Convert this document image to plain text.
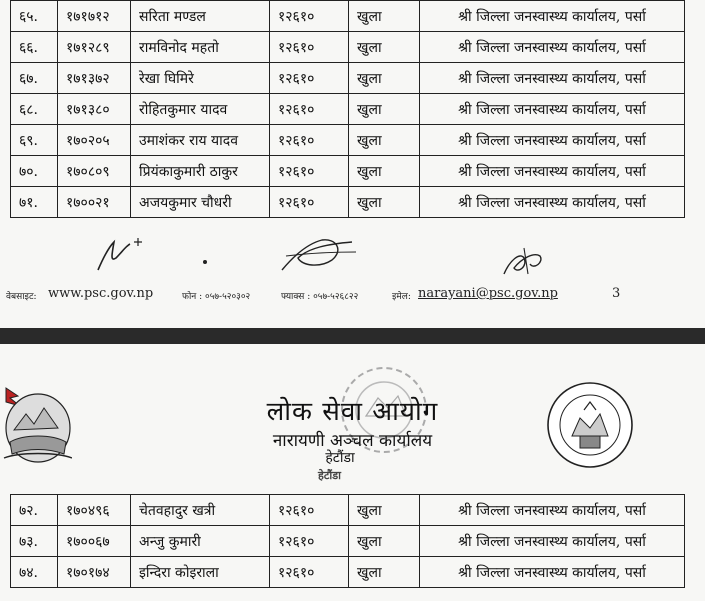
६५.	१७१७१२	सरिता मण्डल	१२६१०	खुला	श्री जिल्ला जनस्वास्थ्य कार्यालय, पर्सा
६६.	१७१२८९	रामविनोद महतो	१२६१०	खुला	श्री जिल्ला जनस्वास्थ्य कार्यालय, पर्सा
६७.	१७१३७२	रेखा घिमिरे	१२६१०	खुला	श्री जिल्ला जनस्वास्थ्य कार्यालय, पर्सा
६८.	१७१३८०	रोहितकुमार यादव	१२६१०	खुला	श्री जिल्ला जनस्वास्थ्य कार्यालय, पर्सा
६९.	१७०२०५	उमाशंकर राय यादव	१२६१०	खुला	श्री जिल्ला जनस्वास्थ्य कार्यालय, पर्सा
७०.	१७०८०९	प्रियंकाकुमारी ठाकुर	१२६१०	खुला	श्री जिल्ला जनस्वास्थ्य कार्यालय, पर्सा
७१.	१७००२१	अजयकुमार चौधरी	१२६१०	खुला	श्री जिल्ला जनस्वास्थ्य कार्यालय, पर्सा
वेबसाइट: www.psc.gov.np	फोन : ०५७-५२०३०२	फ्याक्स : ०५७-५२६८२२	इमेल: narayani@psc.gov.np	3
लोक सेवा आयोग
नारायणी अञ्चल कार्यालय
हेटौंडा
हेटौंडा
७२.	१७०४९६	चेतवहादुर खत्री	१२६१०	खुला	श्री जिल्ला जनस्वास्थ्य कार्यालय, पर्सा
७३.	१७००६७	अन्जु कुमारी	१२६१०	खुला	श्री जिल्ला जनस्वास्थ्य कार्यालय, पर्सा
७४.	१७०१७४	इन्दिरा कोइराला	१२६१०	खुला	श्री जिल्ला जनस्वास्थ्य कार्यालय, पर्सा
